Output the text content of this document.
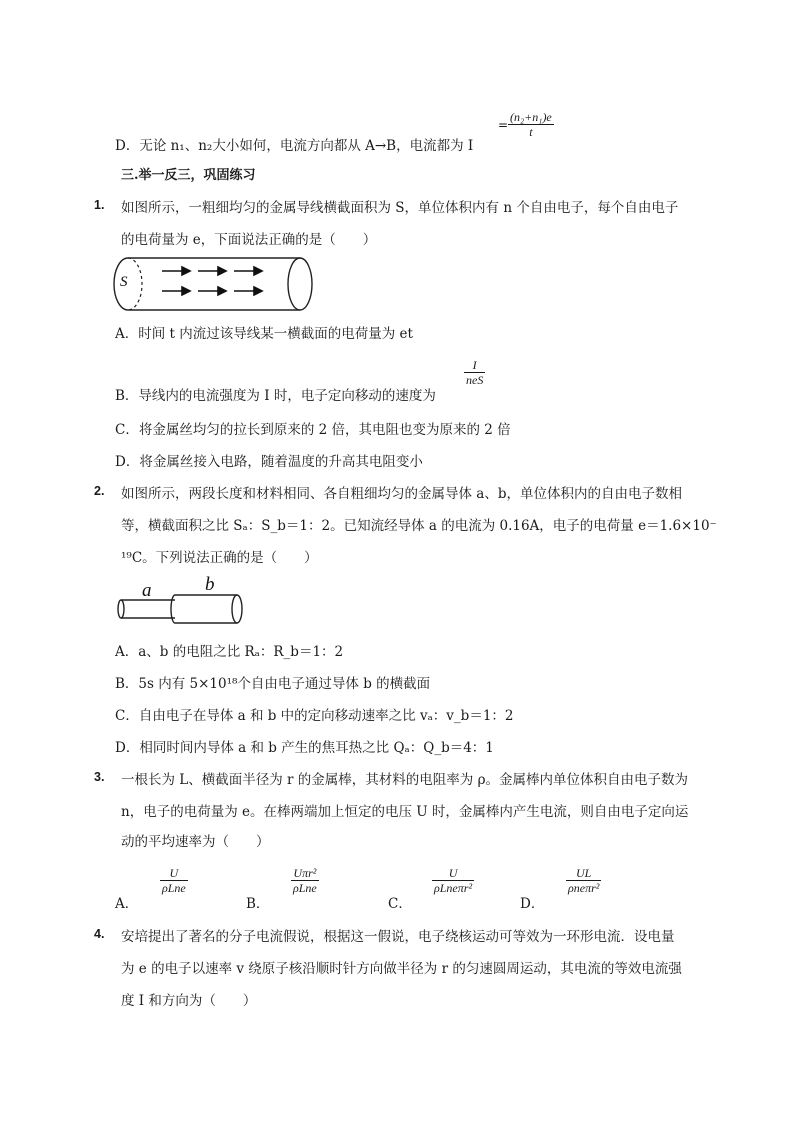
D．无论 n₁、n₂大小如何，电流方向都从 A→B，电流都为 I
= $\frac{\text{(n₂+n₁)e}}{t}$
三.举一反三，巩固练习
1. 如图所示，一粗细均匀的金属导线横截面积为 S，单位体积内有 n 个自由电子，每个自由电子
的电荷量为 e，下面说法正确的是（　　）
S
A．时间 t 内流过该导线某一横截面的电荷量为 et
B．导线内的电流强度为 I 时，电子定向移动的速度为
I
neS
C．将金属丝均匀的拉长到原来的 2 倍，其电阻也变为原来的 2 倍
D．将金属丝接入电路，随着温度的升高其电阻变小
2. 如图所示，两段长度和材料相同、各自粗细均匀的金属导体 a、b，单位体积内的自由电子数相
等，横截面积之比 Sₐ：S_b＝1：2。已知流经导体 a 的电流为 0.16A，电子的电荷量 e＝1.6×10⁻
¹⁹C。下列说法正确的是（　　）
a	b
A．a、b 的电阻之比 Rₐ：R_b＝1：2
B．5s 内有 5×10¹⁸个自由电子通过导体 b 的横截面
C．自由电子在导体 a 和 b 中的定向移动速率之比 vₐ：v_b＝1：2
D．相同时间内导体 a 和 b 产生的焦耳热之比 Qₐ：Q_b＝4：1
3. 一根长为 L、横截面半径为 r 的金属棒，其材料的电阻率为 ρ。金属棒内单位体积自由电子数为
n，电子的电荷量为 e。在棒两端加上恒定的电压 U 时，金属棒内产生电流，则自由电子定向运
动的平均速率为（　　）
A．
U
ρLne
B．
Uπr²
ρLne
C．
U
ρLneπr²
D．
UL
ρneπr²
4. 安培提出了著名的分子电流假说，根据这一假说，电子绕核运动可等效为一环形电流．设电量
为 e 的电子以速率 v 绕原子核沿顺时针方向做半径为 r 的匀速圆周运动，其电流的等效电流强
度 I 和方向为（　　）
